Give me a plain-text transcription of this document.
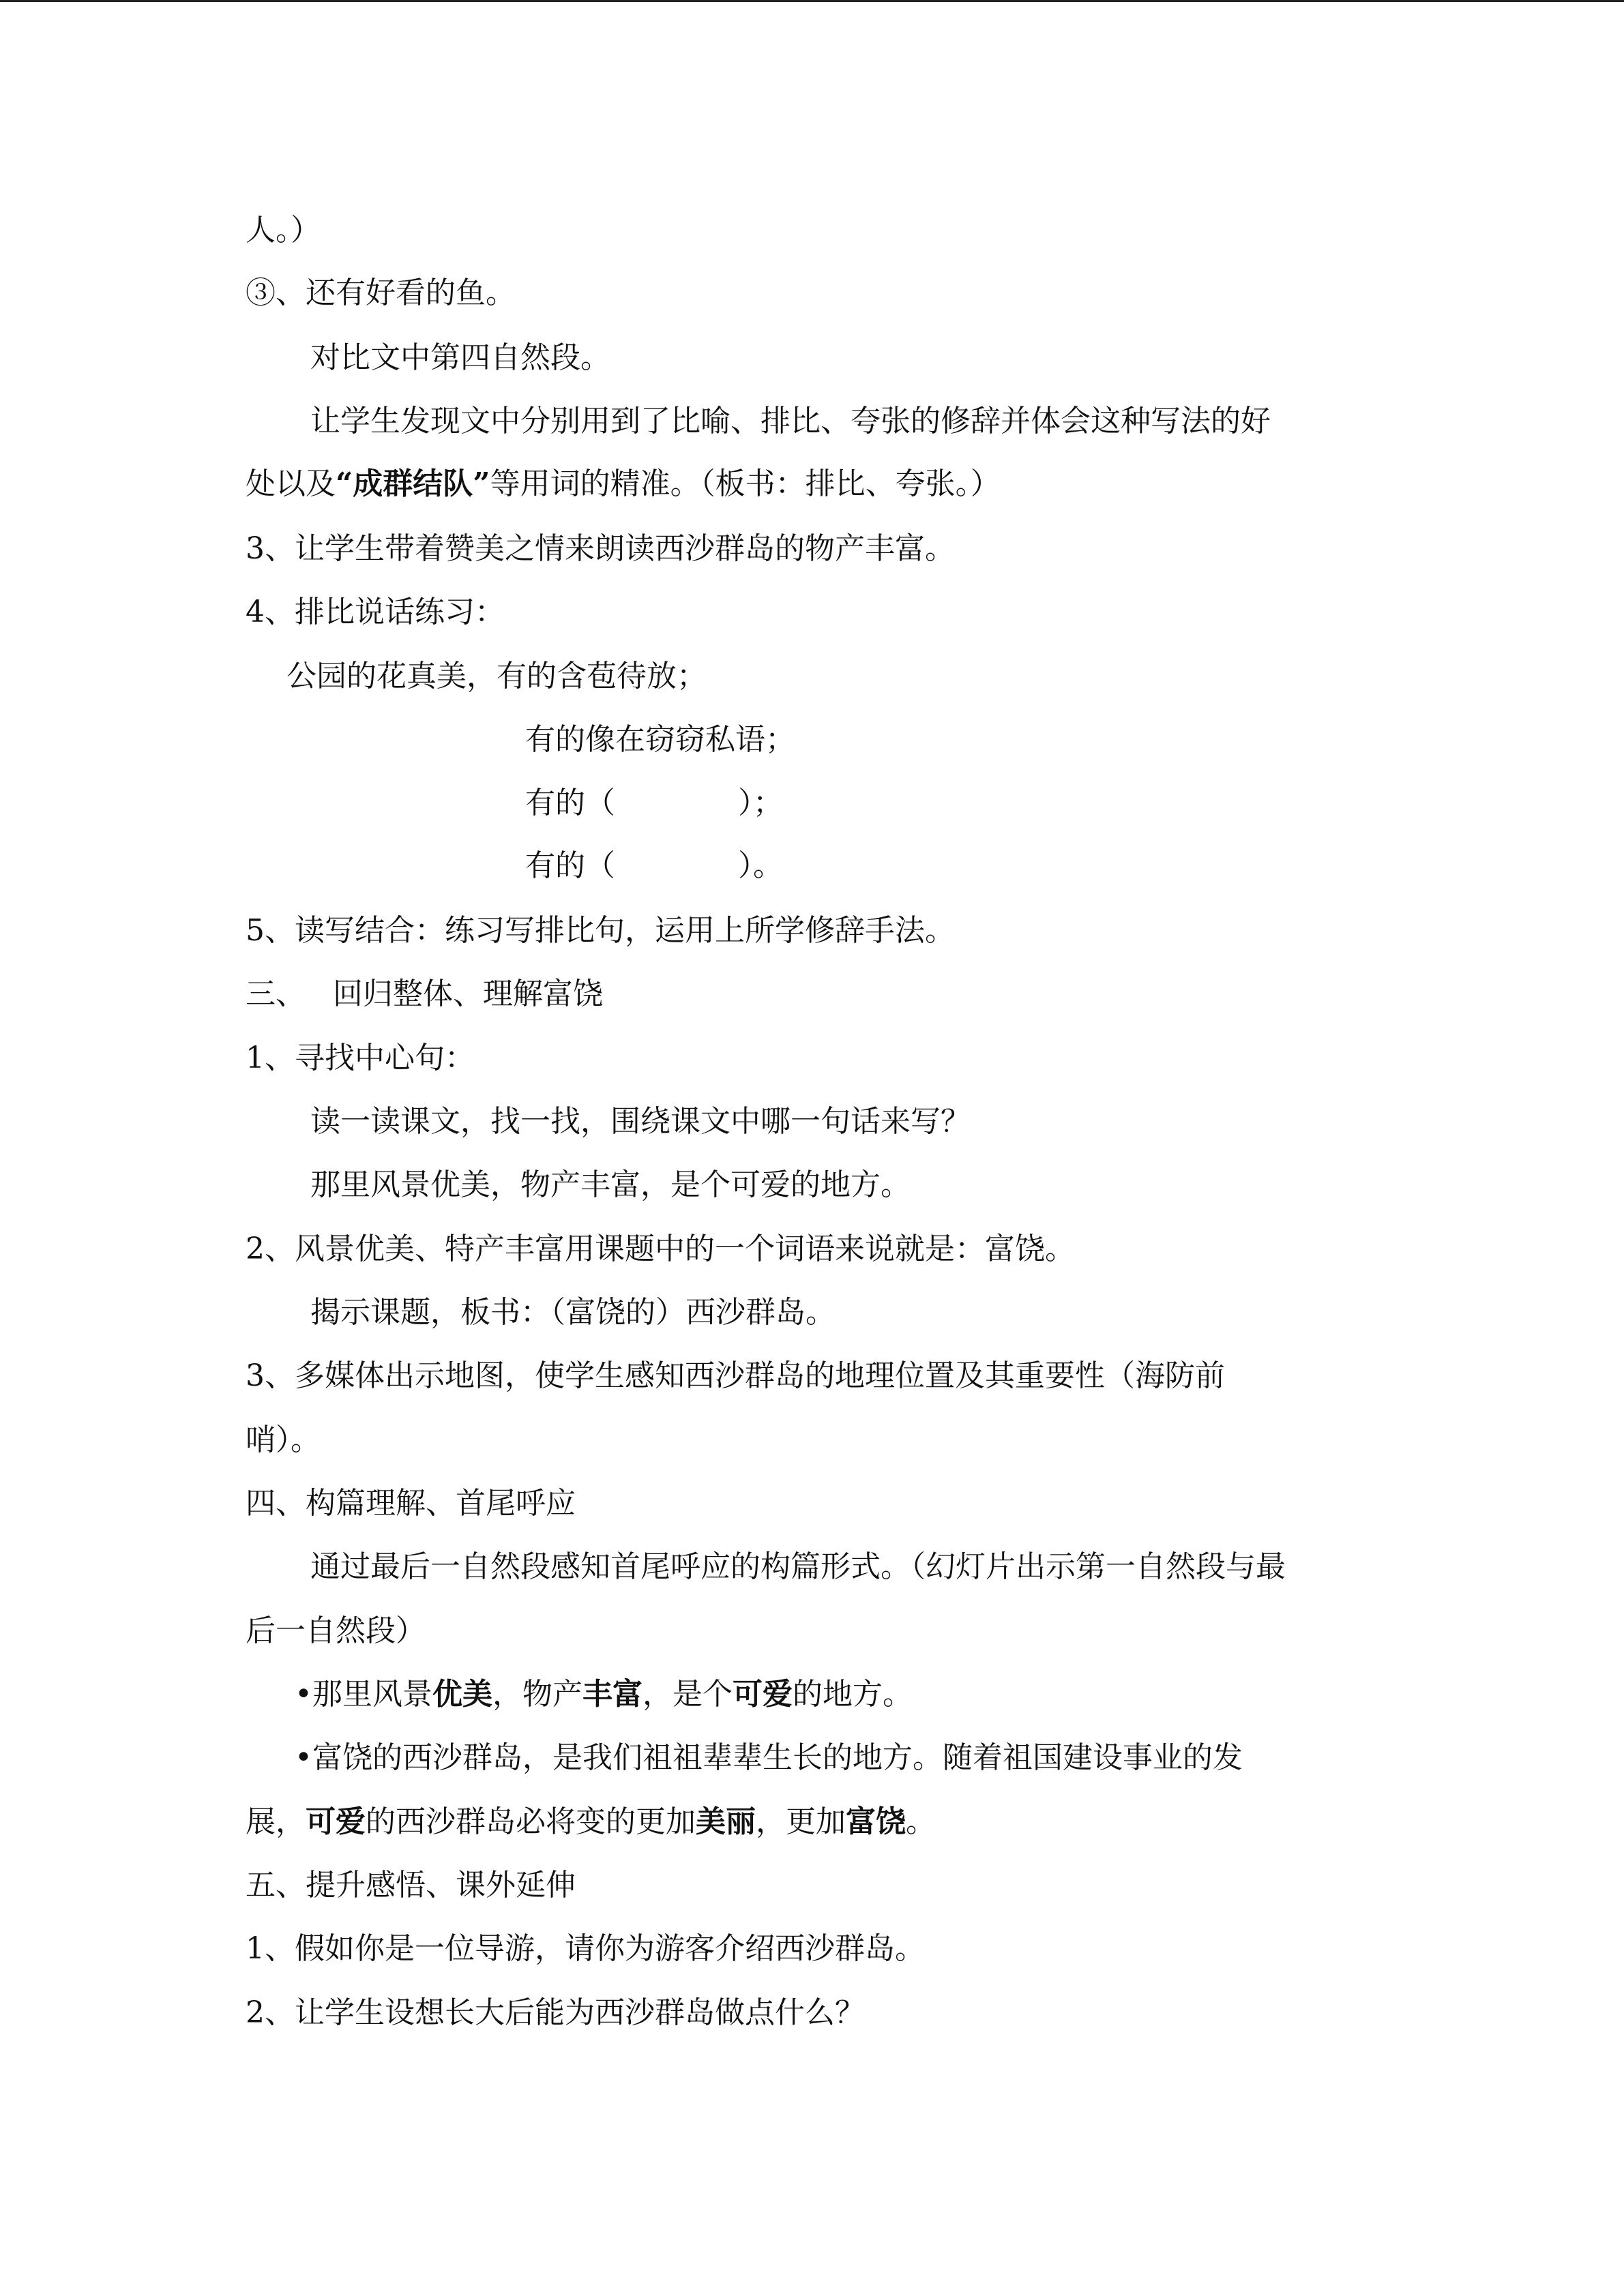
人。）
③、还有好看的鱼。
对比文中第四自然段。
让学生发现文中分别用到了比喻、排比、夸张的修辞并体会这种写法的好
处以及“成群结队”等用词的精准。（板书：排比、夸张。）
3、让学生带着赞美之情来朗读西沙群岛的物产丰富。
4、排比说话练习：
公园的花真美，有的含苞待放；
有的像在窃窃私语；
有的（	）；
有的（	）。
5、读写结合：练习写排比句，运用上所学修辞手法。
三、 回归整体、理解富饶
1、寻找中心句：
读一读课文，找一找，围绕课文中哪一句话来写？
那里风景优美，物产丰富，是个可爱的地方。
2、风景优美、特产丰富用课题中的一个词语来说就是：富饶。
揭示课题，板书：（富饶的）西沙群岛。
3、多媒体出示地图，使学生感知西沙群岛的地理位置及其重要性（海防前
哨）。
四、构篇理解、首尾呼应
通过最后一自然段感知首尾呼应的构篇形式。（幻灯片出示第一自然段与最
后一自然段）
•那里风景优美，物产丰富，是个可爱的地方。
•富饶的西沙群岛，是我们祖祖辈辈生长的地方。随着祖国建设事业的发
展，可爱的西沙群岛必将变的更加美丽，更加富饶。
五、提升感悟、课外延伸
1、假如你是一位导游，请你为游客介绍西沙群岛。
2、让学生设想长大后能为西沙群岛做点什么？
